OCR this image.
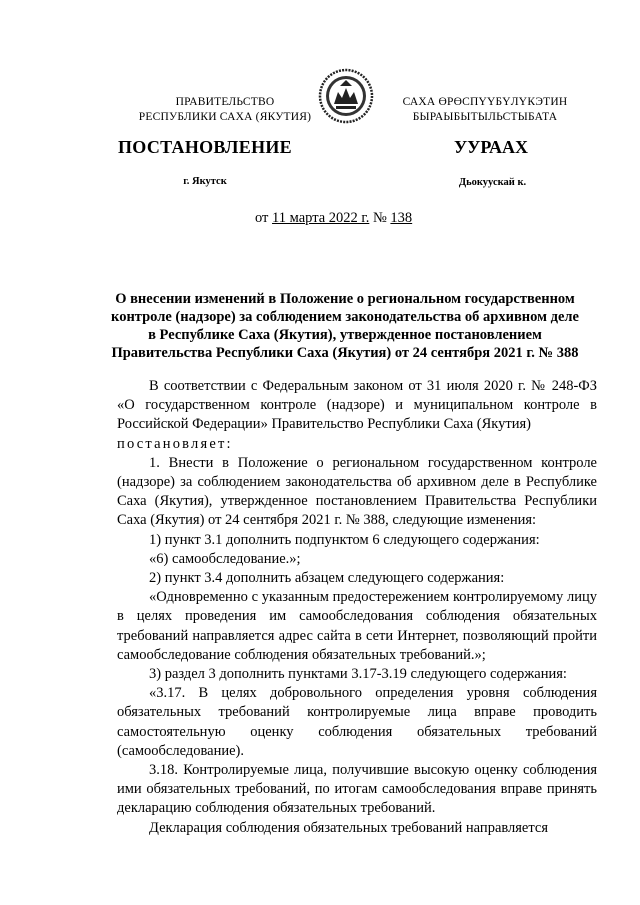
ПРАВИТЕЛЬСТВО
РЕСПУБЛИКИ САХА (ЯКУТИЯ)
САХА ӨРӨСПҮҮБҮЛҮКЭТИН
БЫРАЫБЫТЫЛЬСТЫБАТА
ПОСТАНОВЛЕНИЕ	УУРААХ
г. Якутск	Дьокуускай к.
от 11 марта 2022 г. № 138
О внесении изменений в Положение о региональном государственном
контроле (надзоре) за соблюдением законодательства об архивном деле
в Республике Саха (Якутия), утвержденное постановлением
Правительства Республики Саха (Якутия) от 24 сентября 2021 г. № 388

В соответствии с Федеральным законом от 31 июля 2020 г. № 248-ФЗ «О государственном контроле (надзоре) и муниципальном контроле в Российской Федерации» Правительство Республики Саха (Якутия)
постановляет:

1. Внести в Положение о региональном государственном контроле (надзоре) за соблюдением законодательства об архивном деле в Республике Саха (Якутия), утвержденное постановлением Правительства Республики Саха (Якутия) от 24 сентября 2021 г. № 388, следующие изменения:

1) пункт 3.1 дополнить подпунктом 6 следующего содержания:

«6) самообследование.»;

2) пункт 3.4 дополнить абзацем следующего содержания:

«Одновременно с указанным предостережением контролируемому лицу в целях проведения им самообследования соблюдения обязательных требований направляется адрес сайта в сети Интернет, позволяющий пройти самообследование соблюдения обязательных требований.»;

3) раздел 3 дополнить пунктами 3.17-3.19 следующего содержания:

«3.17. В целях добровольного определения уровня соблюдения обязательных требований контролируемые лица вправе проводить самостоятельную оценку соблюдения обязательных требований (самообследование).

3.18. Контролируемые лица, получившие высокую оценку соблюдения ими обязательных требований, по итогам самообследования вправе принять декларацию соблюдения обязательных требований.

Декларация соблюдения обязательных требований направляется
